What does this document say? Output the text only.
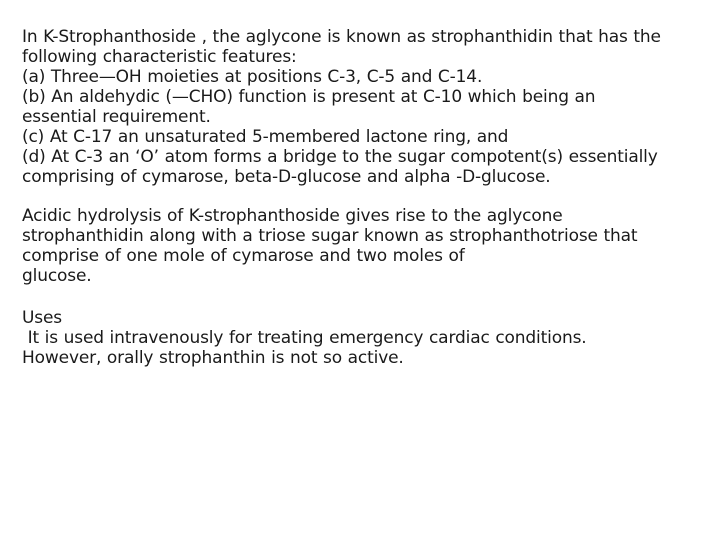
In K-Strophanthoside , the aglycone is known as strophanthidin that has the

following characteristic features:

(a) Three—OH moieties at positions C-3, C-5 and C-14.

(b) An aldehydic (—CHO) function is present at C-10 which being an

essential requirement.

(c) At C-17 an unsaturated 5-membered lactone ring, and

(d) At C-3 an ‘O’ atom forms a bridge to the sugar compotent(s) essentially

comprising of cymarose, beta-D-glucose and alpha -D-glucose.

Acidic hydrolysis of K-strophanthoside gives rise to the aglycone

strophanthidin along with a triose sugar known as strophanthotriose that

comprise of one mole of cymarose and two moles of

glucose.

Uses

It is used intravenously for treating emergency cardiac conditions.

However, orally strophanthin is not so active.
